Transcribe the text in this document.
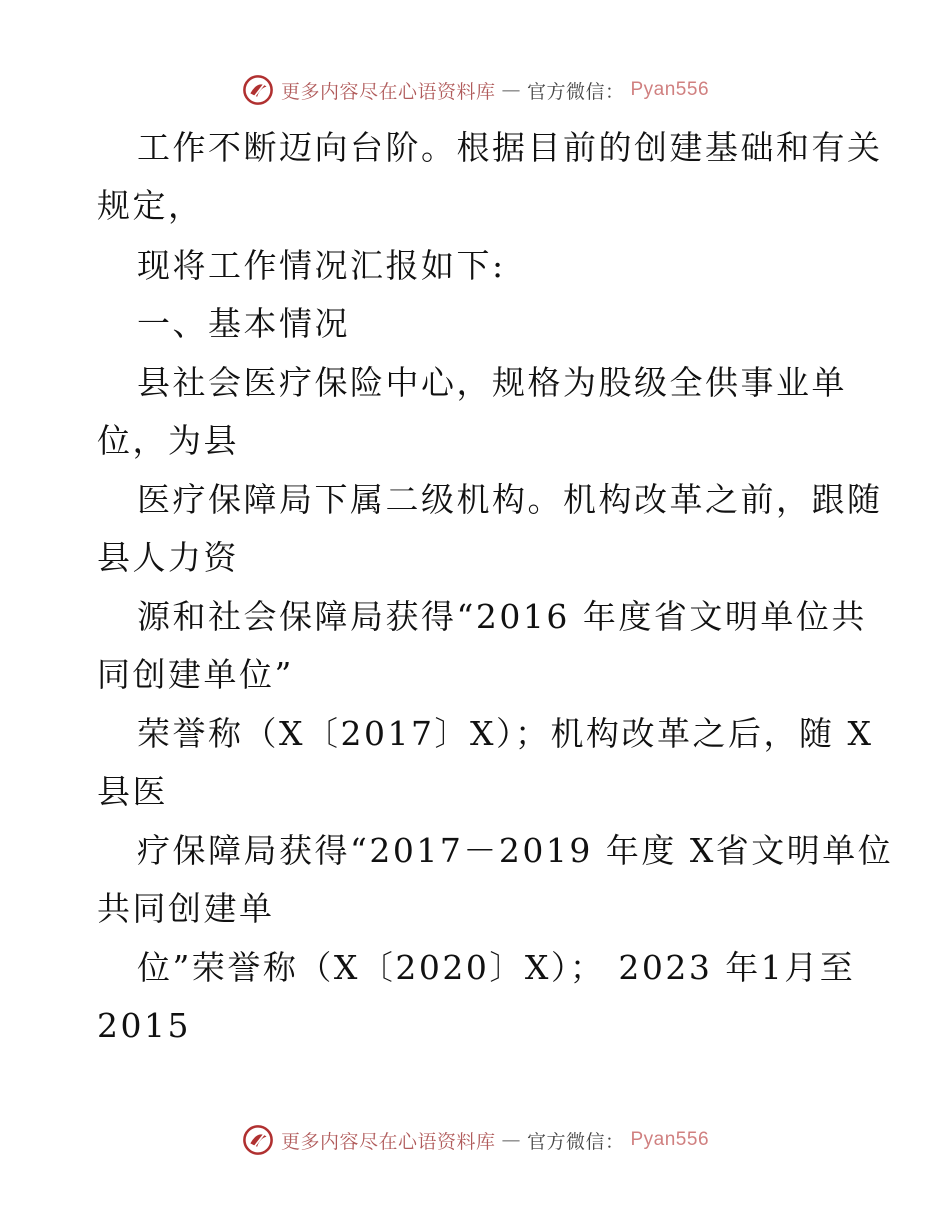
更多内容尽在心语资料库 — 官方微信： Pyan556
工作不断迈向台阶。根据目前的创建基础和有关
规定，
现将工作情况汇报如下:
一、基本情况
县社会医疗保险中心，规格为股级全供事业单
位，为县
医疗保障局下属二级机构。机构改革之前，跟随
县人力资
源和社会保障局获得“2016 年度省文明单位共
同创建单位”
荣誉称（X〔2017〕X）；机构改革之后，随 X
县医
疗保障局获得“2017－2019 年度 X省文明单位
共同创建单
位”荣誉称（X〔2020〕X）； 2023 年1月至
2015
更多内容尽在心语资料库 — 官方微信： Pyan556
